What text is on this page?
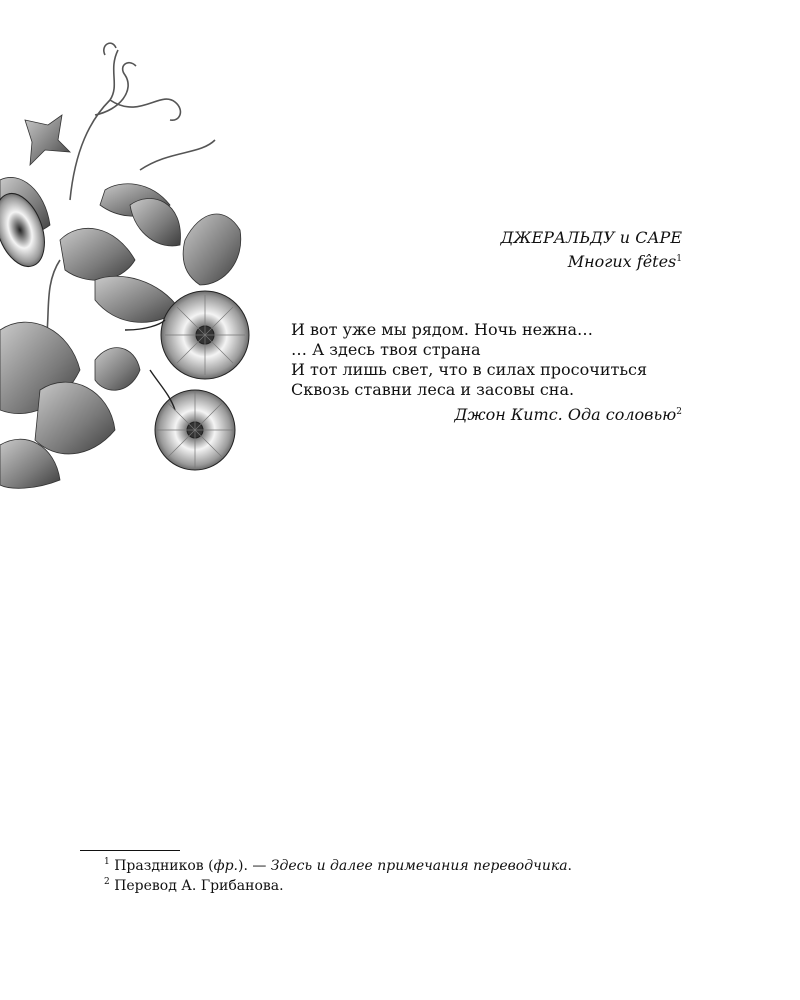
ДЖЕРАЛЬДУ и САРЕ
Многих fêtes$^1$
И вот уже мы рядом. Ночь нежна…
… А здесь твоя страна
И тот лишь свет, что в силах просочиться
Сквозь ставни леса и засовы сна.
Джон Китс. Ода соловью$^2$
$^1$ Праздников (фр.). — Здесь и далее примечания переводчика.
$^2$ Перевод А. Грибанова.
